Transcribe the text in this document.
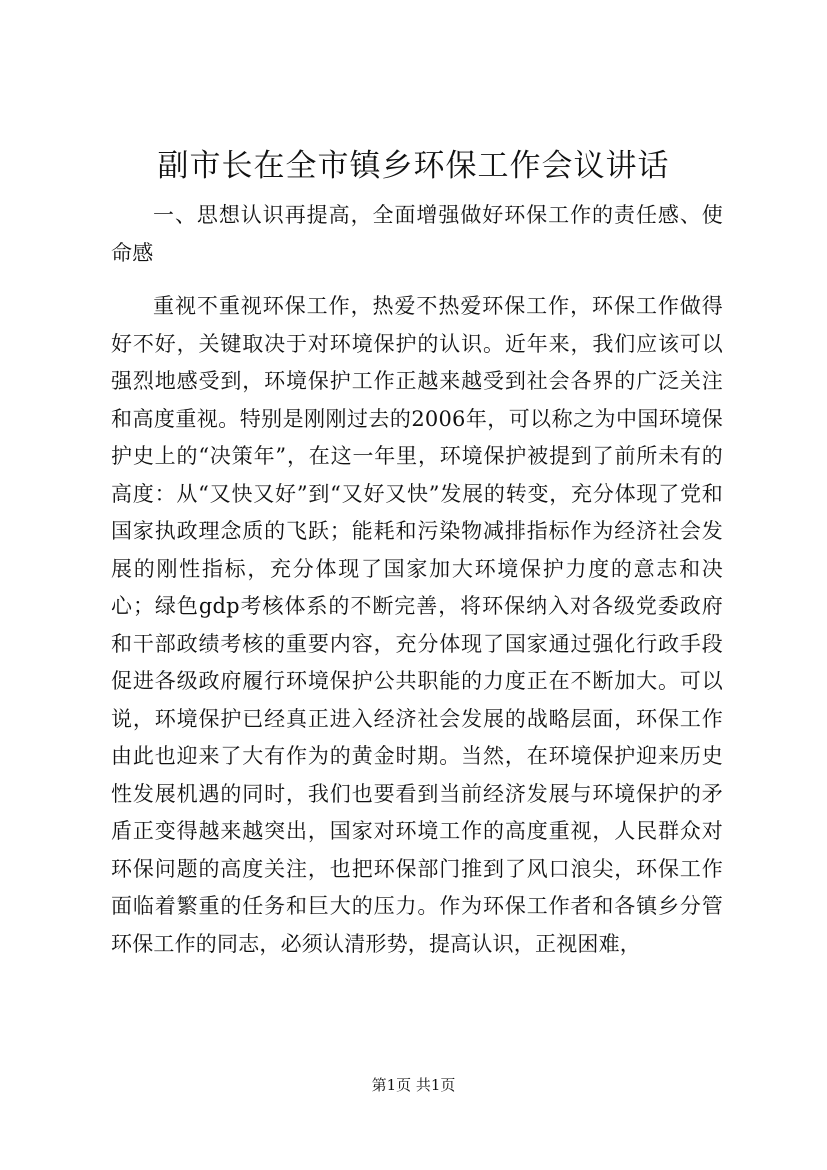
副市长在全市镇乡环保工作会议讲话

一、思想认识再提高，全面增强做好环保工作的责任感、使命感

重视不重视环保工作，热爱不热爱环保工作，环保工作做得好不好，关键取决于对环境保护的认识。近年来，我们应该可以强烈地感受到，环境保护工作正越来越受到社会各界的广泛关注和高度重视。特别是刚刚过去的2006年，可以称之为中国环境保护史上的“决策年”，在这一年里，环境保护被提到了前所未有的高度：从“又快又好”到“又好又快”发展的转变，充分体现了党和国家执政理念质的飞跃；能耗和污染物减排指标作为经济社会发展的刚性指标，充分体现了国家加大环境保护力度的意志和决心；绿色gdp考核体系的不断完善，将环保纳入对各级党委政府和干部政绩考核的重要内容，充分体现了国家通过强化行政手段促进各级政府履行环境保护公共职能的力度正在不断加大。可以说，环境保护已经真正进入经济社会发展的战略层面，环保工作由此也迎来了大有作为的黄金时期。当然，在环境保护迎来历史性发展机遇的同时，我们也要看到当前经济发展与环境保护的矛盾正变得越来越突出，国家对环境工作的高度重视，人民群众对环保问题的高度关注，也把环保部门推到了风口浪尖，环保工作面临着繁重的任务和巨大的压力。作为环保工作者和各镇乡分管环保工作的同志，必须认清形势，提高认识，正视困难，

第1页 共1页
